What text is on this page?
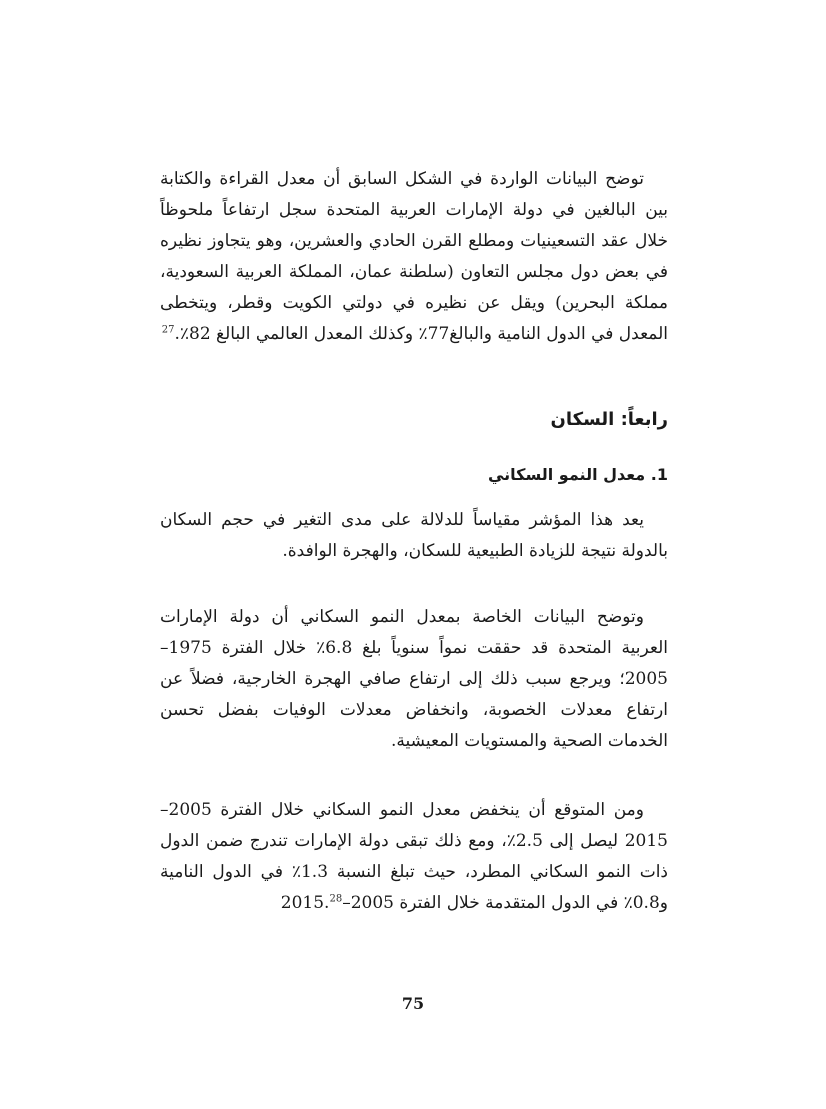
توضح البيانات الواردة في الشكل السابق أن معدل القراءة والكتابة بين البالغين في دولة الإمارات العربية المتحدة سجل ارتفاعاً ملحوظاً خلال عقد التسعينيات ومطلع القرن الحادي والعشرين، وهو يتجاوز نظيره في بعض دول مجلس التعاون (سلطنة عمان، المملكة العربية السعودية، مملكة البحرين) ويقل عن نظيره في دولتي الكويت وقطر، ويتخطى المعدل في الدول النامية والبالغ77٪ وكذلك المعدل العالمي البالغ 82٪.$^{27}$

رابعاً: السكان
1. معدل النمو السكاني

يعد هذا المؤشر مقياساً للدلالة على مدى التغير في حجم السكان بالدولة نتيجة للزيادة الطبيعية للسكان، والهجرة الوافدة.

وتوضح البيانات الخاصة بمعدل النمو السكاني أن دولة الإمارات العربية المتحدة قد حققت نمواً سنوياً بلغ 6.8٪ خلال الفترة 1975–2005؛ ويرجع سبب ذلك إلى ارتفاع صافي الهجرة الخارجية، فضلاً عن ارتفاع معدلات الخصوبة، وانخفاض معدلات الوفيات بفضل تحسن الخدمات الصحية والمستويات المعيشية.

ومن المتوقع أن ينخفض معدل النمو السكاني خلال الفترة 2005–2015 ليصل إلى 2.5٪، ومع ذلك تبقى دولة الإمارات تندرج ضمن الدول ذات النمو السكاني المطرد، حيث تبلغ النسبة 1.3٪ في الدول النامية و0.8٪ في الدول المتقدمة خلال الفترة 2005–2015.28

75
